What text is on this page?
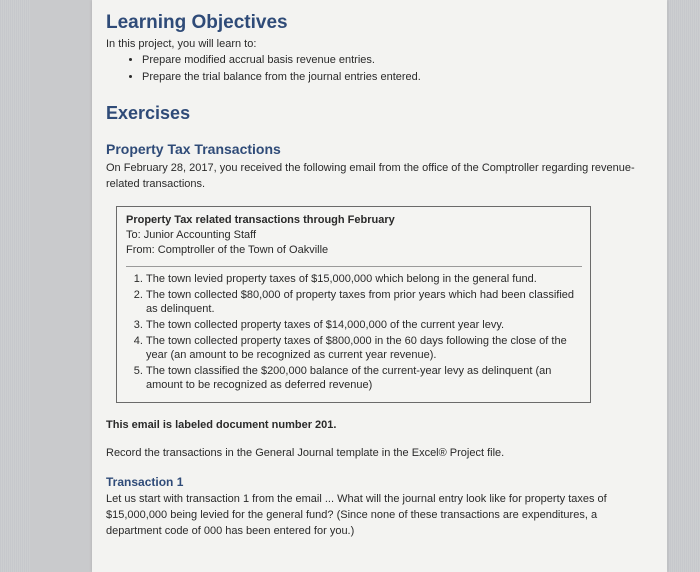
Learning Objectives
In this project, you will learn to:
• Prepare modified accrual basis revenue entries.
• Prepare the trial balance from the journal entries entered.
Exercises
Property Tax Transactions
On February 28, 2017, you received the following email from the office of the Comptroller regarding revenue-related transactions.
Property Tax related transactions through February
To: Junior Accounting Staff
From: Comptroller of the Town of Oakville
1. The town levied property taxes of $15,000,000 which belong in the general fund.
2. The town collected $80,000 of property taxes from prior years which had been classified as delinquent.
3. The town collected property taxes of $14,000,000 of the current year levy.
4. The town collected property taxes of $800,000 in the 60 days following the close of the year (an amount to be recognized as current year revenue).
5. The town classified the $200,000 balance of the current-year levy as delinquent (an amount to be recognized as deferred revenue)
This email is labeled document number 201.
Record the transactions in the General Journal template in the Excel® Project file.
Transaction 1
Let us start with transaction 1 from the email ... What will the journal entry look like for property taxes of $15,000,000 being levied for the general fund? (Since none of these transactions are expenditures, a department code of 000 has been entered for you.)
